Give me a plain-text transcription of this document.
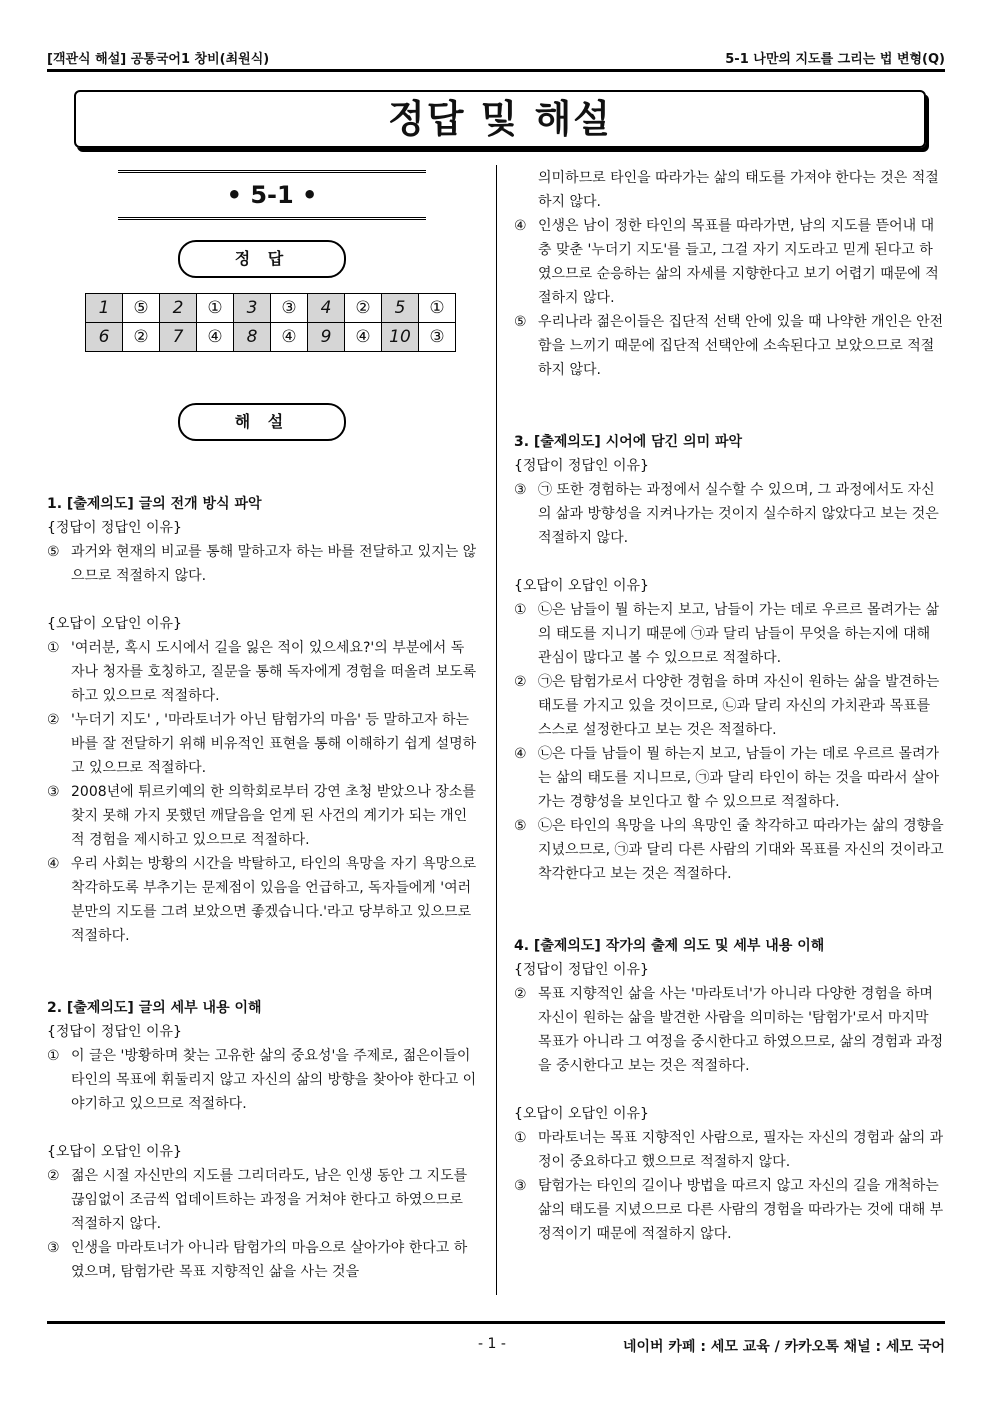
[객관식 해설] 공통국어1 창비(최원식)	5-1 나만의 지도를 그리는 법 변형(Q)
정답 및 해설
• 5-1 •
정 답
1	⑤	2	①	3	③	4	②	5	①
6	②	7	④	8	④	9	④	10	③
해 설

1. [출제의도] 글의 전개 방식 파악

{정답이 정답인 이유}

⑤ 과거와 현재의 비교를 통해 말하고자 하는 바를 전달하고 있지는 않으므로 적절하지 않다.

{오답이 오답인 이유}

① '여러분, 혹시 도시에서 길을 잃은 적이 있으세요?'의 부분에서 독자나 청자를 호칭하고, 질문을 통해 독자에게 경험을 떠올려 보도록 하고 있으므로 적절하다.

② '누더기 지도' , '마라토너가 아닌 탐험가의 마음' 등 말하고자 하는 바를 잘 전달하기 위해 비유적인 표현을 통해 이해하기 쉽게 설명하고 있으므로 적절하다.

③ 2008년에 튀르키예의 한 의학회로부터 강연 초청 받았으나 장소를 찾지 못해 가지 못했던 깨달음을 얻게 된 사건의 계기가 되는 개인적 경험을 제시하고 있으므로 적절하다.

④ 우리 사회는 방황의 시간을 박탈하고, 타인의 욕망을 자기 욕망으로 착각하도록 부추기는 문제점이 있음을 언급하고, 독자들에게 '여러분만의 지도를 그려 보았으면 좋겠습니다.'라고 당부하고 있으므로 적절하다.

2. [출제의도] 글의 세부 내용 이해

{정답이 정답인 이유}

① 이 글은 '방황하며 찾는 고유한 삶의 중요성'을 주제로, 젊은이들이 타인의 목표에 휘둘리지 않고 자신의 삶의 방향을 찾아야 한다고 이야기하고 있으므로 적절하다.

{오답이 오답인 이유}

② 젊은 시절 자신만의 지도를 그리더라도, 남은 인생 동안 그 지도를 끊임없이 조금씩 업데이트하는 과정을 거쳐야 한다고 하였으므로 적절하지 않다.

③ 인생을 마라토너가 아니라 탐험가의 마음으로 살아가야 한다고 하였으며, 탐험가란 목표 지향적인 삶을 사는 것을

의미하므로 타인을 따라가는 삶의 태도를 가져야 한다는 것은 적절하지 않다.

④ 인생은 남이 정한 타인의 목표를 따라가면, 남의 지도를 뜯어내 대충 맞춘 '누더기 지도'를 들고, 그걸 자기 지도라고 믿게 된다고 하였으므로 순응하는 삶의 자세를 지향한다고 보기 어렵기 때문에 적절하지 않다.

⑤ 우리나라 젊은이들은 집단적 선택 안에 있을 때 나약한 개인은 안전함을 느끼기 때문에 집단적 선택안에 소속된다고 보았으므로 적절하지 않다.

3. [출제의도] 시어에 담긴 의미 파악

{정답이 정답인 이유}

③ ㉠ 또한 경험하는 과정에서 실수할 수 있으며, 그 과정에서도 자신의 삶과 방향성을 지켜나가는 것이지 실수하지 않았다고 보는 것은 적절하지 않다.

{오답이 오답인 이유}

① ㉡은 남들이 뭘 하는지 보고, 남들이 가는 데로 우르르 몰려가는 삶의 태도를 지니기 때문에 ㉠과 달리 남들이 무엇을 하는지에 대해 관심이 많다고 볼 수 있으므로 적절하다.

② ㉠은 탐험가로서 다양한 경험을 하며 자신이 원하는 삶을 발견하는 태도를 가지고 있을 것이므로, ㉡과 달리 자신의 가치관과 목표를 스스로 설정한다고 보는 것은 적절하다.

④ ㉡은 다들 남들이 뭘 하는지 보고, 남들이 가는 데로 우르르 몰려가는 삶의 태도를 지니므로, ㉠과 달리 타인이 하는 것을 따라서 살아가는 경향성을 보인다고 할 수 있으므로 적절하다.

⑤ ㉡은 타인의 욕망을 나의 욕망인 줄 착각하고 따라가는 삶의 경향을 지녔으므로, ㉠과 달리 다른 사람의 기대와 목표를 자신의 것이라고 착각한다고 보는 것은 적절하다.

4. [출제의도] 작가의 출제 의도 및 세부 내용 이해

{정답이 정답인 이유}

② 목표 지향적인 삶을 사는 '마라토너'가 아니라 다양한 경험을 하며 자신이 원하는 삶을 발견한 사람을 의미하는 '탐험가'로서 마지막 목표가 아니라 그 여정을 중시한다고 하였으므로, 삶의 경험과 과정을 중시한다고 보는 것은 적절하다.

{오답이 오답인 이유}

① 마라토너는 목표 지향적인 사람으로, 필자는 자신의 경험과 삶의 과정이 중요하다고 했으므로 적절하지 않다.

③ 탐험가는 타인의 길이나 방법을 따르지 않고 자신의 길을 개척하는 삶의 태도를 지녔으므로 다른 사람의 경험을 따라가는 것에 대해 부정적이기 때문에 적절하지 않다.

- 1 -	네이버 카페 : 세모 교육 / 카카오톡 채널 : 세모 국어
